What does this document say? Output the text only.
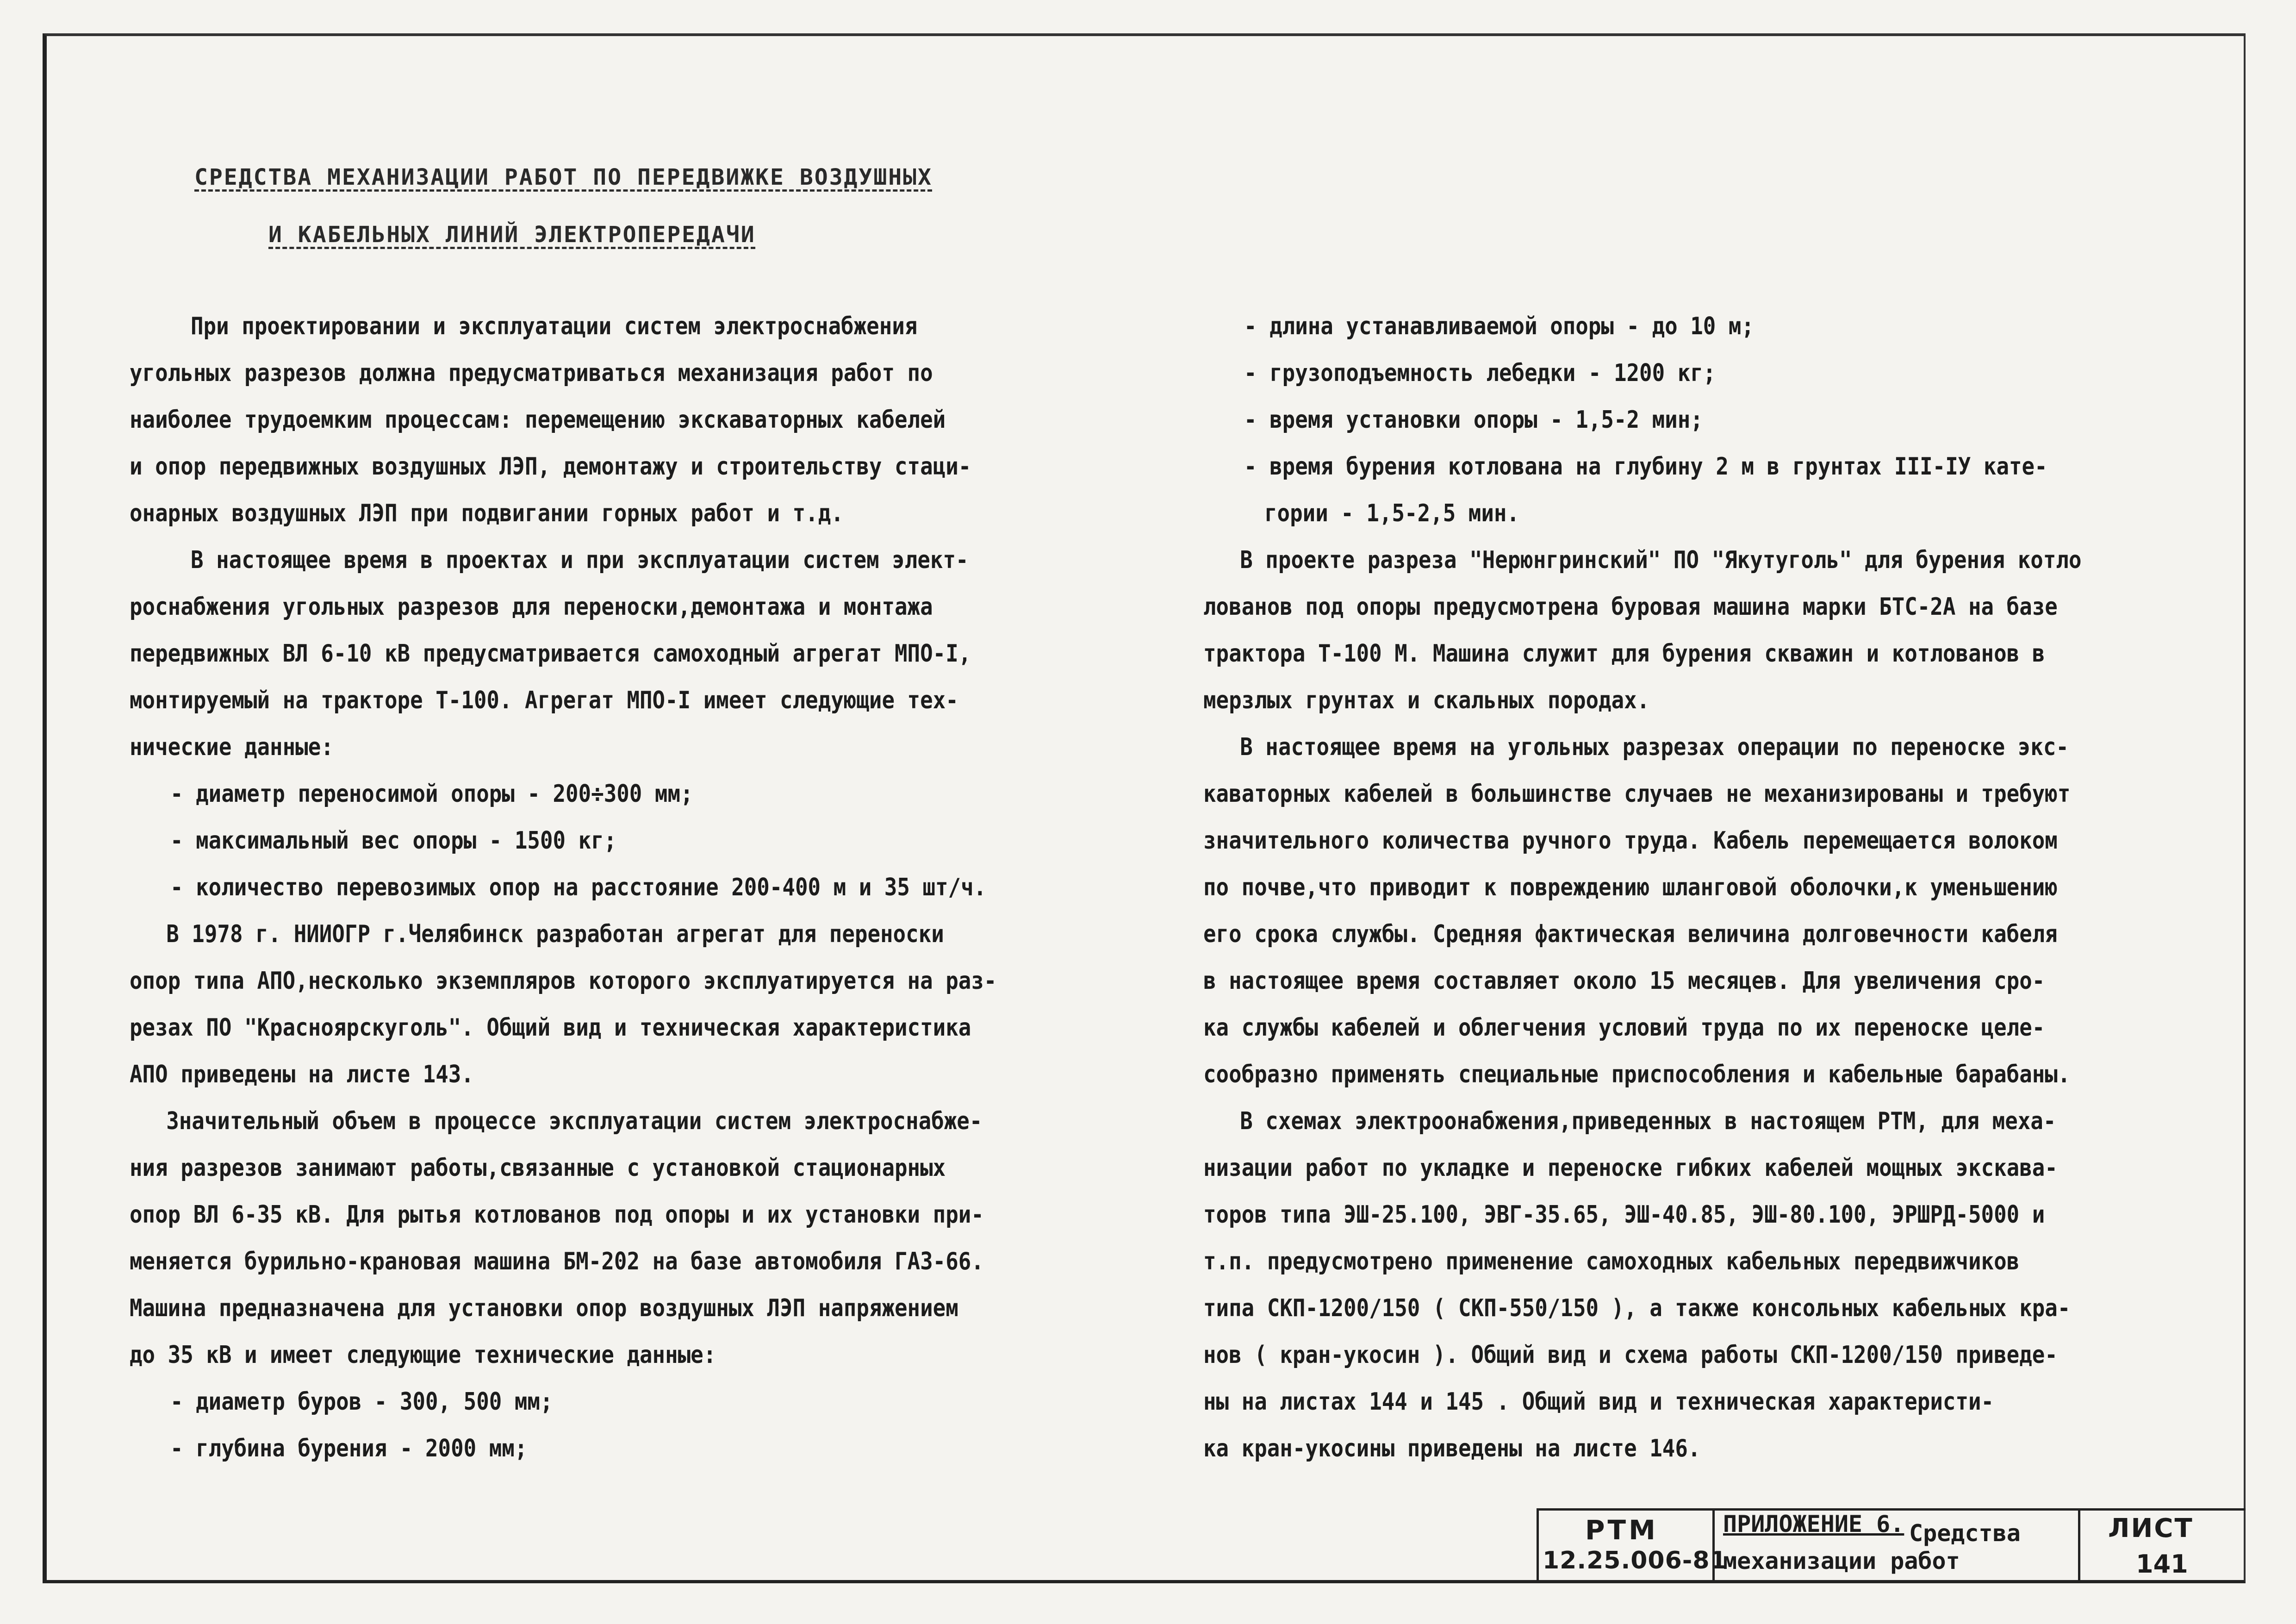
СРЕДСТВА МЕХАНИЗАЦИИ РАБОТ ПО ПЕРЕДВИЖКЕ ВОЗДУШНЫХ
И КАБЕЛЬНЫХ ЛИНИЙ ЭЛЕКТРОПЕРЕДАЧИ
При проектировании и эксплуатации систем электроснабжения
угольных разрезов должна предусматриваться механизация работ по
наиболее трудоемким процессам: перемещению экскаваторных кабелей
и опор передвижных воздушных ЛЭП, демонтажу и строительству стаци-
онарных воздушных ЛЭП при подвигании горных работ и т.д.
В настоящее время в проектах и при эксплуатации систем элект-
роснабжения угольных разрезов для переноски,демонтажа и монтажа
передвижных ВЛ 6-10 кВ предусматривается самоходный агрегат МПО-I,
монтируемый на тракторе Т-100. Агрегат МПО-I имеет следующие тех-
нические данные:
- диаметр переносимой опоры - 200÷300 мм;
- максимальный вес опоры - 1500 кг;
- количество перевозимых опор на расстояние 200-400 м и 35 шт/ч.
В 1978 г. НИИОГР г.Челябинск разработан агрегат для переноски
опор типа АПО,несколько экземпляров которого эксплуатируется на раз-
резах ПО "Красноярскуголь". Общий вид и техническая характеристика
АПО приведены на листе 143.
Значительный объем в процессе эксплуатации систем электроснабже-
ния разрезов занимают работы,связанные с установкой стационарных
опор ВЛ 6-35 кВ. Для рытья котлованов под опоры и их установки при-
меняется бурильно-крановая машина БМ-202 на базе автомобиля ГАЗ-66.
Машина предназначена для установки опор воздушных ЛЭП напряжением
до 35 кВ и имеет следующие технические данные:
- диаметр буров - 300, 500 мм;
- глубина бурения - 2000 мм;
- длина устанавливаемой опоры - до 10 м;
- грузоподъемность лебедки - 1200 кг;
- время установки опоры - 1,5-2 мин;
- время бурения котлована на глубину 2 м в грунтах III-IУ кате-
гории - 1,5-2,5 мин.
В проекте разреза "Нерюнгринский" ПО "Якутуголь" для бурения котло
лованов под опоры предусмотрена буровая машина марки БТС-2А на базе
трактора Т-100 М. Машина служит для бурения скважин и котлованов в
мерзлых грунтах и скальных породах.
В настоящее время на угольных разрезах операции по переноске экс-
каваторных кабелей в большинстве случаев не механизированы и требуют
значительного количества ручного труда. Кабель перемещается волоком
по почве,что приводит к повреждению шланговой оболочки,к уменьшению
его срока службы. Средняя фактическая величина долговечности кабеля
в настоящее время составляет около 15 месяцев. Для увеличения сро-
ка службы кабелей и облегчения условий труда по их переноске целе-
сообразно применять специальные приспособления и кабельные барабаны.
В схемах электроонабжения,приведенных в настоящем РТМ, для меха-
низации работ по укладке и переноске гибких кабелей мощных экскава-
торов типа ЭШ-25.100, ЭВГ-35.65, ЭШ-40.85, ЭШ-80.100, ЭРШРД-5000 и
т.п. предусмотрено применение самоходных кабельных передвижчиков
типа СКП-1200/150 ( СКП-550/150 ), а также консольных кабельных кра-
нов ( кран-укосин ). Общий вид и схема работы СКП-1200/150 приведе-
ны на листах 144 и 145 . Общий вид и техническая характеристи-
ка кран-укосины приведены на листе 146.
РТМ
12.25.006-81
ПРИЛОЖЕНИЕ 6. Средства
механизации работ
ЛИСТ
141
